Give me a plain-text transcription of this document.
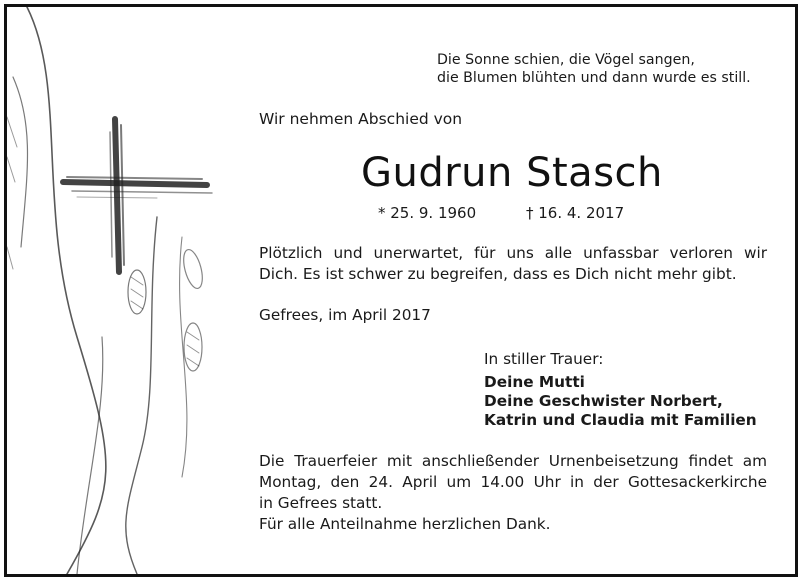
Die Sonne schien, die Vögel sangen,
die Blumen blühten und dann wurde es still.
Wir nehmen Abschied von
Gudrun Stasch
* 25. 9. 1960	† 16. 4. 2017
Plötzlich und unerwartet, für uns alle unfassbar verloren wir
Dich. Es ist schwer zu begreifen, dass es Dich nicht mehr gibt.
Gefrees, im April 2017
In stiller Trauer:
Deine Mutti
Deine Geschwister Norbert,
Katrin und Claudia mit Familien
Die Trauerfeier mit anschließender Urnenbeisetzung findet am
Montag, den 24. April um 14.00 Uhr in der Gottesackerkirche
in Gefrees statt.
Für alle Anteilnahme herzlichen Dank.
